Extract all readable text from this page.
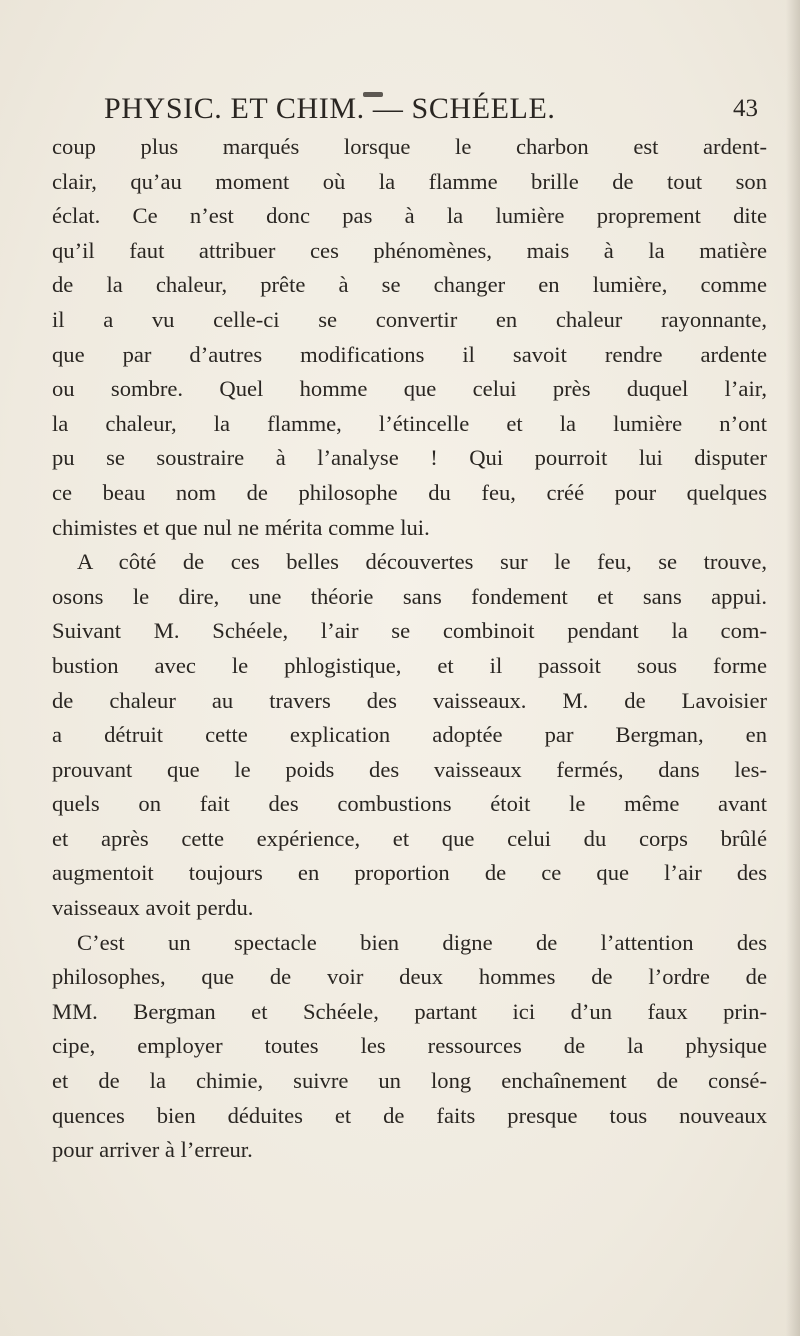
PHYSIC. ET CHIM. — SCHÉELE.	43
coup plus marqués lorsque le charbon est ardent-
clair, qu’au moment où la flamme brille de tout son
éclat. Ce n’est donc pas à la lumière proprement dite
qu’il faut attribuer ces phénomènes, mais à la matière
de la chaleur, prête à se changer en lumière, comme
il a vu celle-ci se convertir en chaleur rayonnante,
que par d’autres modifications il savoit rendre ardente
ou sombre. Quel homme que celui près duquel l’air,
la chaleur, la flamme, l’étincelle et la lumière n’ont
pu se soustraire à l’analyse ! Qui pourroit lui disputer
ce beau nom de philosophe du feu, créé pour quelques
chimistes et que nul ne mérita comme lui.
A côté de ces belles découvertes sur le feu, se trouve,
osons le dire, une théorie sans fondement et sans appui.
Suivant M. Schéele, l’air se combinoit pendant la com-
bustion avec le phlogistique, et il passoit sous forme
de chaleur au travers des vaisseaux. M. de Lavoisier
a détruit cette explication adoptée par Bergman, en
prouvant que le poids des vaisseaux fermés, dans les-
quels on fait des combustions étoit le même avant
et après cette expérience, et que celui du corps brûlé
augmentoit toujours en proportion de ce que l’air des
vaisseaux avoit perdu.
C’est un spectacle bien digne de l’attention des
philosophes, que de voir deux hommes de l’ordre de
MM. Bergman et Schéele, partant ici d’un faux prin-
cipe, employer toutes les ressources de la physique
et de la chimie, suivre un long enchaînement de consé-
quences bien déduites et de faits presque tous nouveaux
pour arriver à l’erreur.
